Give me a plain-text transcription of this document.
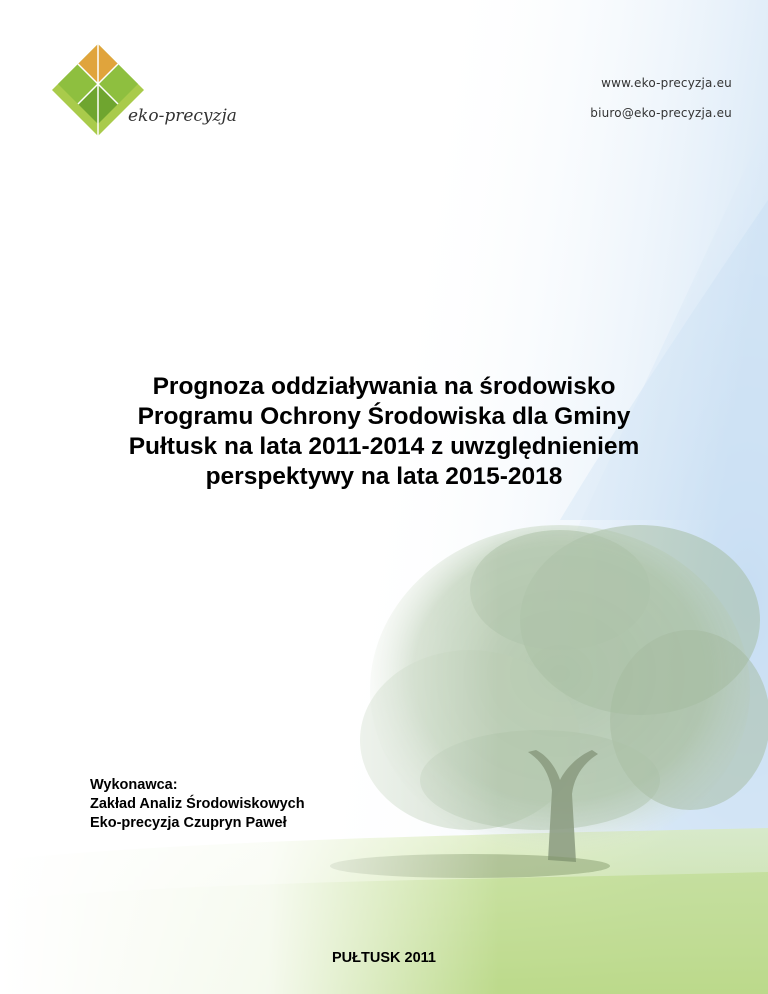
eko-precyzja
www.eko-precyzja.eu
biuro@eko-precyzja.eu
Prognoza oddziaływania na środowisko
Programu Ochrony Środowiska dla Gminy
Pułtusk na lata 2011-2014 z uwzględnieniem
perspektywy na lata 2015-2018
Wykonawca:
Zakład Analiz Środowiskowych
Eko-precyzja Czupryn Paweł
PUŁTUSK 2011
